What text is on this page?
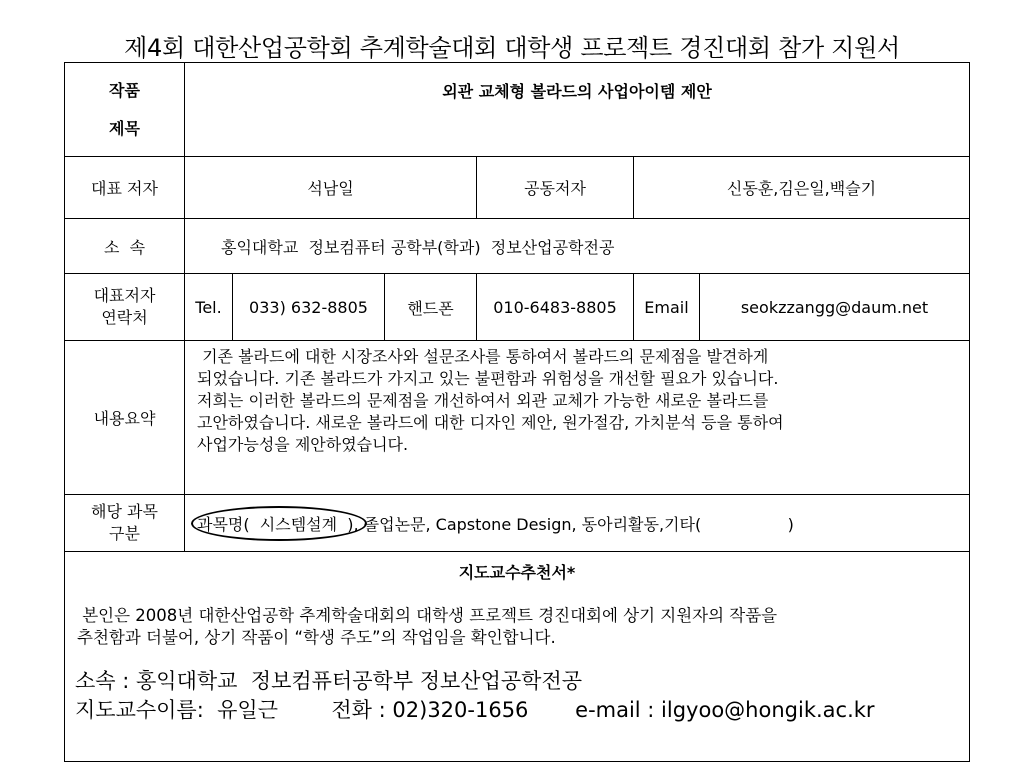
제4회 대한산업공학회 추계학술대회 대학생 프로젝트 경진대회 참가 지원서
작품
제목	외관 교체형 볼라드의 사업아이템 제안					
대표 저자	석남일			공동저자	신동훈,김은일,백슬기	
소  속	홍익대학교  정보컴퓨터 공학부(학과)  정보산업공학전공					

대표저자
연락처	Tel.	033) 632-8805	핸드폰	010-6483-8805	Email	seokzzangg@daum.net
내용요약	기존 볼라드에 대한 시장조사와 설문조사를 통하여서 볼라드의 문제점을 발견하게
되었습니다. 기존 볼라드가 가지고 있는 불편함과 위험성을 개선할 필요가 있습니다.
저희는 이러한 볼라드의 문제점을 개선하여서 외관 교체가 가능한 새로운 볼라드를
고안하였습니다. 새로운 볼라드에 대한 디자인 제안, 원가절감, 가치분석 등을 통하여
사업가능성을 제안하였습니다.					

해당 과목
구분	과목명(  시스템설계  ), 졸업논문, Capstone Design, 동아리활동,기타(                 )					

지도교수추천서*
본인은 2008년 대한산업공학 추계학술대회의 대학생 프로젝트 경진대회에 상기 지원자의 작품을
추천함과 더불어, 상기 작품이 “학생 주도”의 작업임을 확인합니다.
소속 : 홍익대학교  정보컴퓨터공학부 정보산업공학전공
지도교수이름:  유일근        전화 : 02)320-1656       e-mail : ilgyoo@hongik.ac.kr						
